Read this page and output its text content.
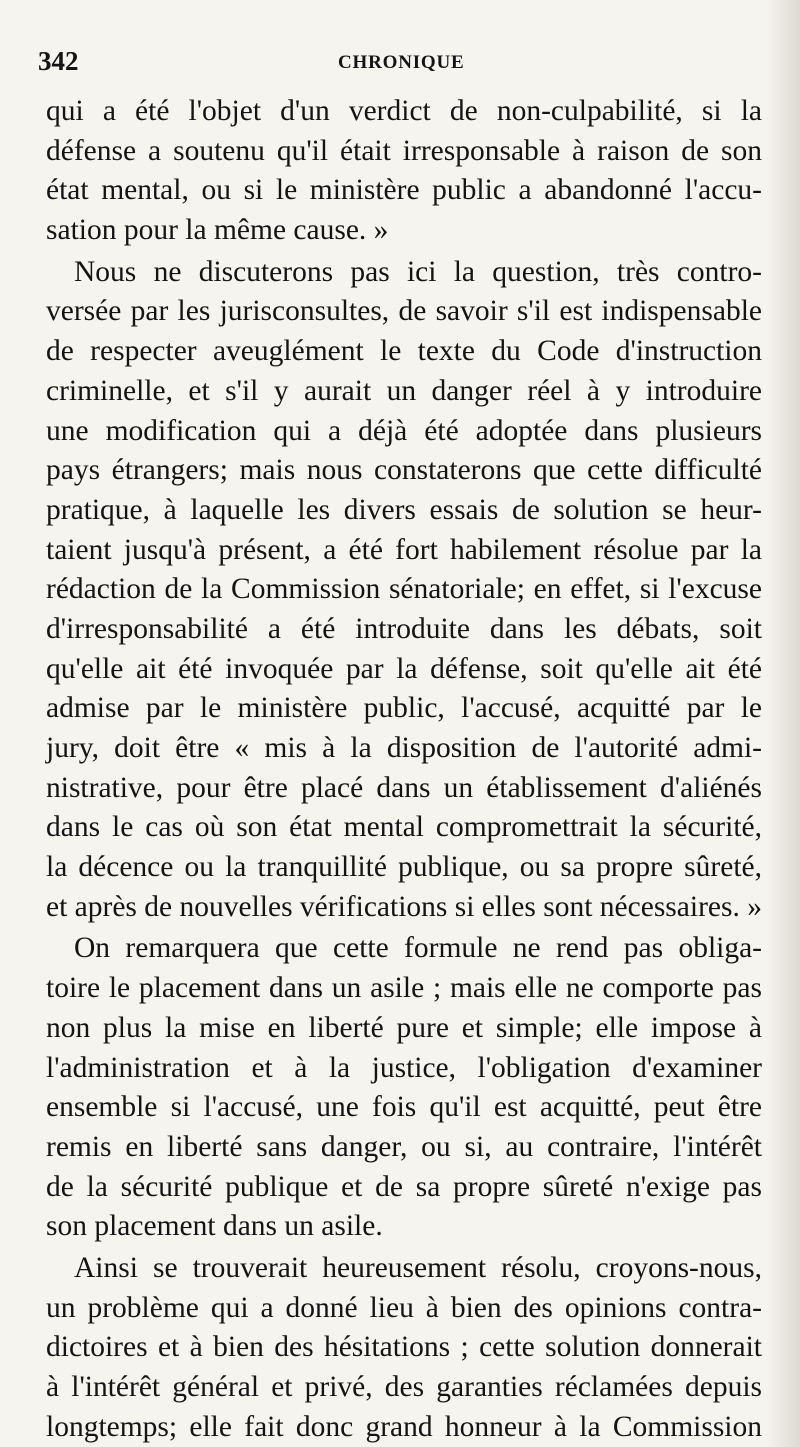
342	CHRONIQUE
qui a été l'objet d'un verdict de non-culpabilité, si la
défense a soutenu qu'il était irresponsable à raison de son
état mental, ou si le ministère public a abandonné l'accu-
sation pour la même cause. »
Nous ne discuterons pas ici la question, très contro-
versée par les jurisconsultes, de savoir s'il est indispensable
de respecter aveuglément le texte du Code d'instruction
criminelle, et s'il y aurait un danger réel à y introduire
une modification qui a déjà été adoptée dans plusieurs
pays étrangers; mais nous constaterons que cette difficulté
pratique, à laquelle les divers essais de solution se heur-
taient jusqu'à présent, a été fort habilement résolue par la
rédaction de la Commission sénatoriale; en effet, si l'excuse
d'irresponsabilité a été introduite dans les débats, soit
qu'elle ait été invoquée par la défense, soit qu'elle ait été
admise par le ministère public, l'accusé, acquitté par le
jury, doit être « mis à la disposition de l'autorité admi-
nistrative, pour être placé dans un établissement d'aliénés
dans le cas où son état mental compromettrait la sécurité,
la décence ou la tranquillité publique, ou sa propre sûreté,
et après de nouvelles vérifications si elles sont nécessaires. »
On remarquera que cette formule ne rend pas obliga-
toire le placement dans un asile ; mais elle ne comporte pas
non plus la mise en liberté pure et simple; elle impose à
l'administration et à la justice, l'obligation d'examiner
ensemble si l'accusé, une fois qu'il est acquitté, peut être
remis en liberté sans danger, ou si, au contraire, l'intérêt
de la sécurité publique et de sa propre sûreté n'exige pas
son placement dans un asile.
Ainsi se trouverait heureusement résolu, croyons-nous,
un problème qui a donné lieu à bien des opinions contra-
dictoires et à bien des hésitations ; cette solution donnerait
à l'intérêt général et privé, des garanties réclamées depuis
longtemps; elle fait donc grand honneur à la Commission
